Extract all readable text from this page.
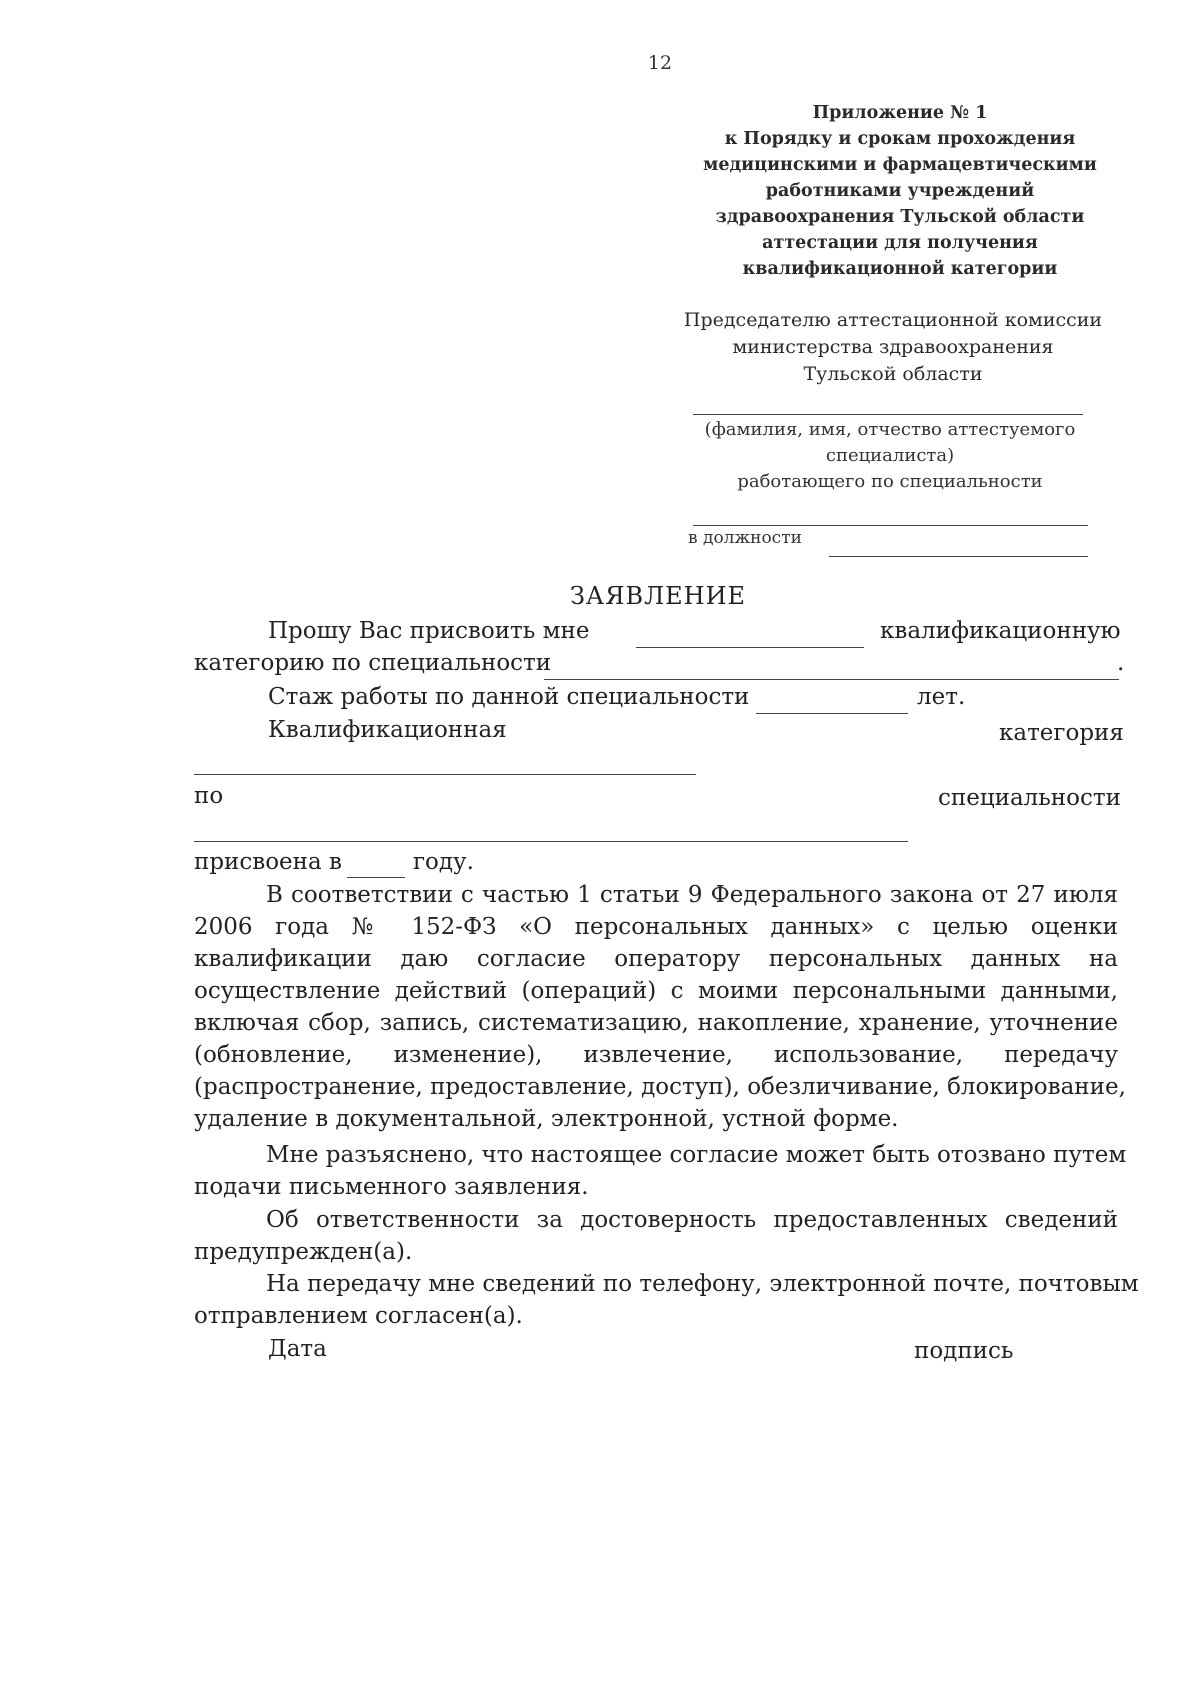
12
Приложение № 1
к Порядку и срокам прохождения
медицинскими и фармацевтическими
работниками учреждений
здравоохранения Тульской области
аттестации для получения
квалификационной категории
Председателю аттестационной комиссии
министерства здравоохранения
Тульской области
(фамилия, имя, отчество аттестуемого
специалиста)
работающего по специальности
в должности
ЗАЯВЛЕНИЕ
Прошу Вас присвоить мне	квалификационную
категорию по специальности	.
Стаж работы по данной специальности	лет.
Квалификационная	категория
по	специальности
присвоена в	году.
В соответствии с частью 1 статьи 9 Федерального закона от 27 июля
2006 года № 152-ФЗ «О персональных данных» с целью оценки
квалификации даю согласие оператору персональных данных на
осуществление действий (операций) с моими персональными данными,
включая сбор, запись, систематизацию, накопление, хранение, уточнение
(обновление, изменение), извлечение, использование, передачу
(распространение, предоставление, доступ), обезличивание, блокирование,
удаление в документальной, электронной, устной форме.
Мне разъяснено, что настоящее согласие может быть отозвано путем
подачи письменного заявления.
Об ответственности за достоверность предоставленных сведений
предупрежден(а).
На передачу мне сведений по телефону, электронной почте, почтовым
отправлением согласен(а).
Дата	подпись
